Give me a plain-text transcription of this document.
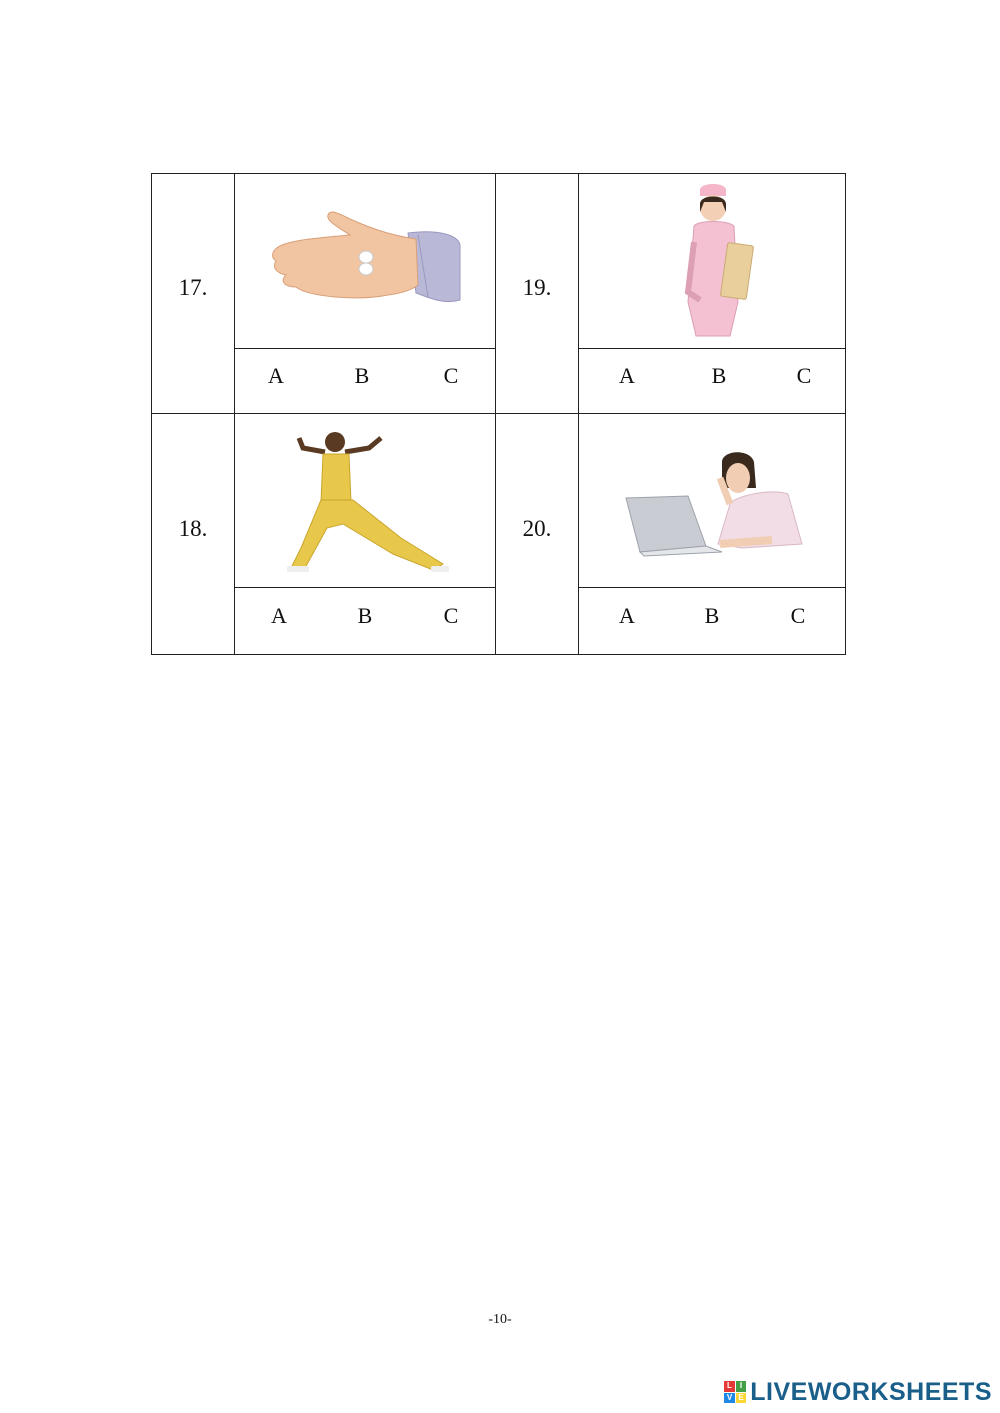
17.
A	B	C
18.
A	B	C
19.
A	B	C
20.
A	B	C
-10-
L I
V E LIVEWORKSHEETS
